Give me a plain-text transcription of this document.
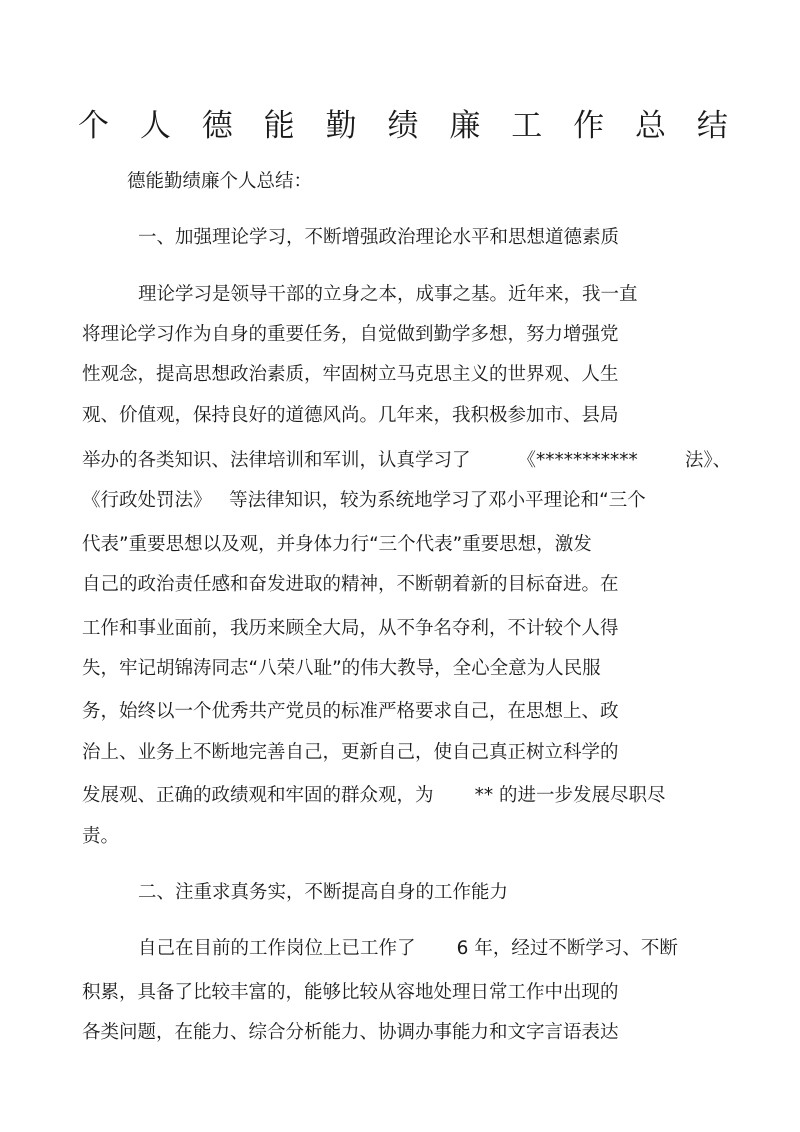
个 人 德 能 勤 绩 廉 工 作 总 结
德能勤绩廉个人总结：
一、加强理论学习，不断增强政治理论水平和思想道德素质
理论学习是领导干部的立身之本，成事之基。近年来，我一直
将理论学习作为自身的重要任务，自觉做到勤学多想，努力增强党
性观念，提高思想政治素质，牢固树立马克思主义的世界观、人生
观、价值观，保持良好的道德风尚。几年来，我积极参加市、县局
举办的各类知识、法律培训和军训，认真学习了        《***********        法》、
《行政处罚法》   等法律知识，较为系统地学习了邓小平理论和“三个
代表”重要思想以及观，并身体力行“三个代表”重要思想，激发
自己的政治责任感和奋发进取的精神，不断朝着新的目标奋进。在
工作和事业面前，我历来顾全大局，从不争名夺利，不计较个人得
失，牢记胡锦涛同志“八荣八耻”的伟大教导，全心全意为人民服
务，始终以一个优秀共产党员的标准严格要求自己，在思想上、政
治上、业务上不断地完善自己，更新自己，使自己真正树立科学的
发展观、正确的政绩观和牢固的群众观，为       ** 的进一步发展尽职尽
责。
二、注重求真务实，不断提高自身的工作能力
自己在目前的工作岗位上已工作了       6 年，经过不断学习、不断
积累，具备了比较丰富的，能够比较从容地处理日常工作中出现的
各类问题，在能力、综合分析能力、协调办事能力和文字言语表达
